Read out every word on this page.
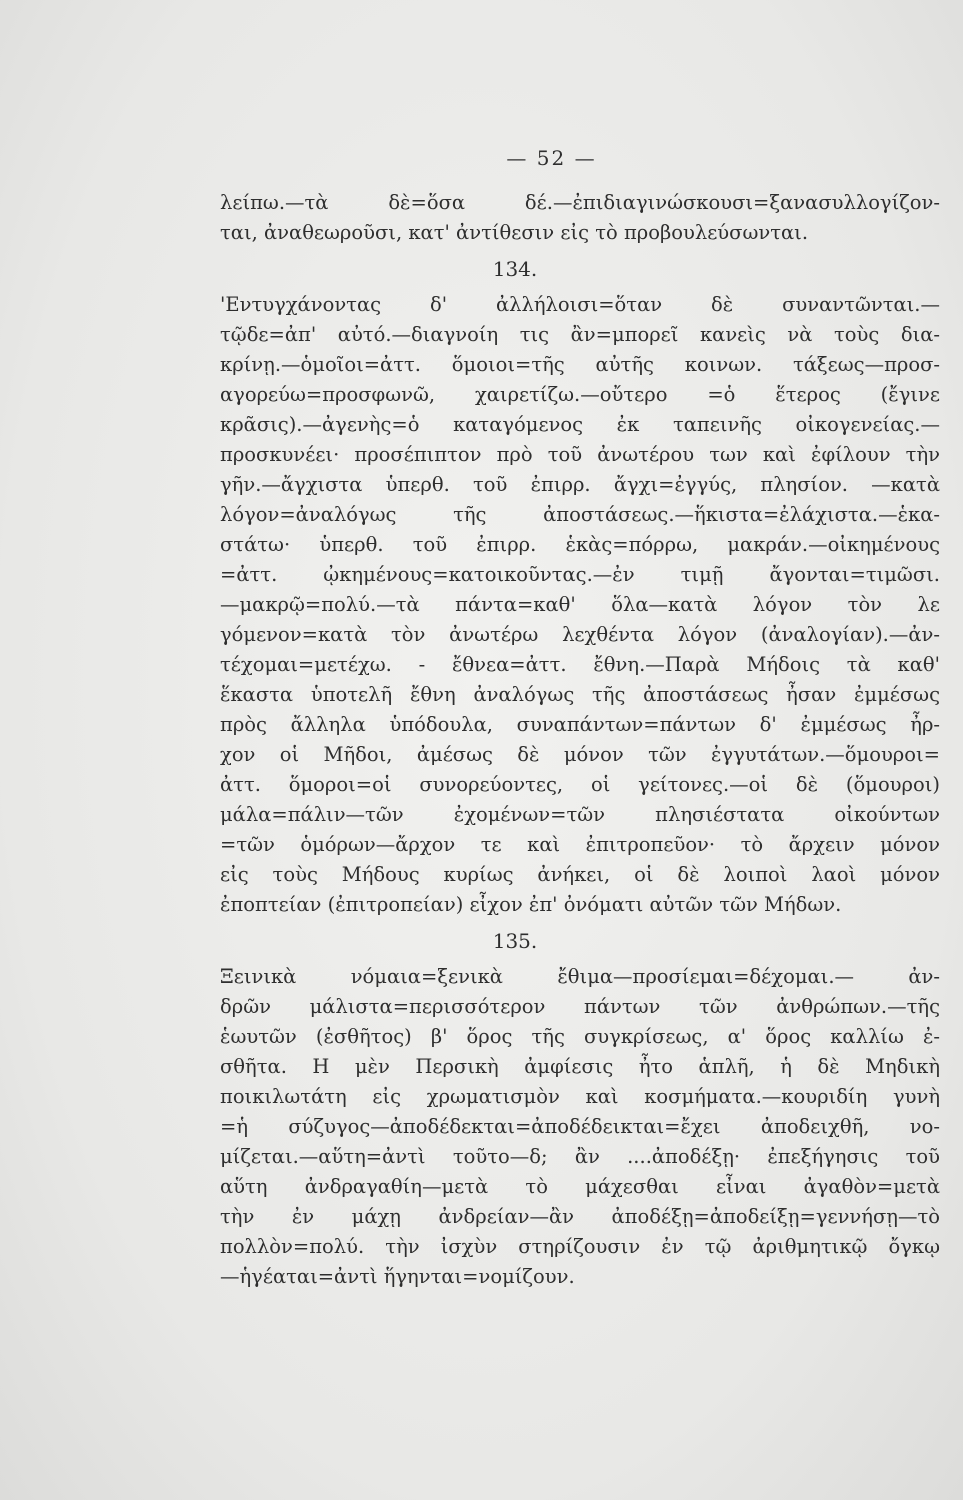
— 52 —
λείπω.—τὰ δὲ=ὅσα δέ.—ἐπιδιαγινώσκουσι=ξανασυλλογίζον-
ται, ἀναθεωροῦσι, κατ' ἀντίθεσιν εἰς τὸ προβουλεύσωνται.
134.
'Εντυγχάνοντας δ' ἀλλήλοισι=ὅταν δὲ συναντῶνται.—
τῷδε=ἀπ' αὐτό.—διαγνοίη τις ἂν=μπορεῖ κανεὶς νὰ τοὺς δια-
κρίνῃ.—ὁμοῖοι=ἀττ. ὅμοιοι=τῆς αὐτῆς κοινων. τάξεως—προσ-
αγορεύω=προσφωνῶ, χαιρετίζω.—οὔτερο =ὁ ἕτερος (ἔγινε
κρᾶσις).—ἀγενὴς=ὁ καταγόμενος ἐκ ταπεινῆς οἰκογενείας.—
προσκυνέει· προσέπιπτον πρὸ τοῦ ἀνωτέρου των καὶ ἐφίλουν τὴν
γῆν.—ἄγχιστα ὑπερθ. τοῦ ἐπιρρ. ἄγχι=ἐγγύς, πλησίον. —κατὰ
λόγον=ἀναλόγως τῆς ἀποστάσεως.—ἥκιστα=ἐλάχιστα.—ἑκα-
στάτω· ὑπερθ. τοῦ ἐπιρρ. ἑκὰς=πόρρω, μακράν.—οἰκημένους
=ἀττ. ᾠκημένους=κατοικοῦντας.—ἐν τιμῇ ἄγονται=τιμῶσι.
—μακρῷ=πολύ.—τὰ πάντα=καθ' ὅλα—κατὰ λόγον τὸν λε
γόμενον=κατὰ τὸν ἀνωτέρω λεχθέντα λόγον (ἀναλογίαν).—ἀν-
τέχομαι=μετέχω. - ἔθνεα=ἀττ. ἔθνη.—Παρὰ Μήδοις τὰ καθ'
ἕκαστα ὑποτελῆ ἔθνη ἀναλόγως τῆς ἀποστάσεως ἦσαν ἐμμέσως
πρὸς ἄλληλα ὑπόδουλα, συναπάντων=πάντων δ' ἐμμέσως ἦρ-
χον οἱ Μῆδοι, ἀμέσως δὲ μόνον τῶν ἐγγυτάτων.—ὅμουροι=
ἀττ. ὅμοροι=οἱ συνορεύοντες, οἱ γείτονες.—οἱ δὲ (ὅμουροι)
μάλα=πάλιν—τῶν ἐχομένων=τῶν πλησιέστατα οἰκούντων
=τῶν ὁμόρων—ἄρχον τε καὶ ἐπιτροπεῦον· τὸ ἄρχειν μόνον
εἰς τοὺς Μήδους κυρίως ἀνήκει, οἱ δὲ λοιποὶ λαοὶ μόνον
ἐποπτείαν (ἐπιτροπείαν) εἶχον ἐπ' ὀνόματι αὐτῶν τῶν Μήδων.
135.
Ξεινικὰ νόμαια=ξενικὰ ἔθιμα—προσίεμαι=δέχομαι.— ἀν-
δρῶν μάλιστα=περισσότερον πάντων τῶν ἀνθρώπων.—τῆς
ἑωυτῶν (ἐσθῆτος) β' ὅρος τῆς συγκρίσεως, α' ὅρος καλλίω ἐ-
σθῆτα. Η μὲν Περσικὴ ἀμφίεσις ἦτο ἁπλῆ, ἡ δὲ Μηδικὴ
ποικιλωτάτη εἰς χρωματισμὸν καὶ κοσμήματα.—κουριδίη γυνὴ
=ἡ σύζυγος—ἀποδέδεκται=ἀποδέδεικται=ἔχει ἀποδειχθῆ, νο-
μίζεται.—αὕτη=ἀντὶ τοῦτο—δ; ἂν ....ἀποδέξῃ· ἐπεξήγησις τοῦ
αὕτη ἀνδραγαθίη—μετὰ τὸ μάχεσθαι εἶναι ἀγαθὸν=μετὰ
τὴν ἐν μάχῃ ἀνδρείαν—ἂν ἀποδέξῃ=ἀποδείξῃ=γεννήσῃ—τὸ
πολλὸν=πολύ. τὴν ἰσχὺν στηρίζουσιν ἐν τῷ ἀριθμητικῷ ὄγκῳ
—ἡγέαται=ἀντὶ ἥγηνται=νομίζουν.
